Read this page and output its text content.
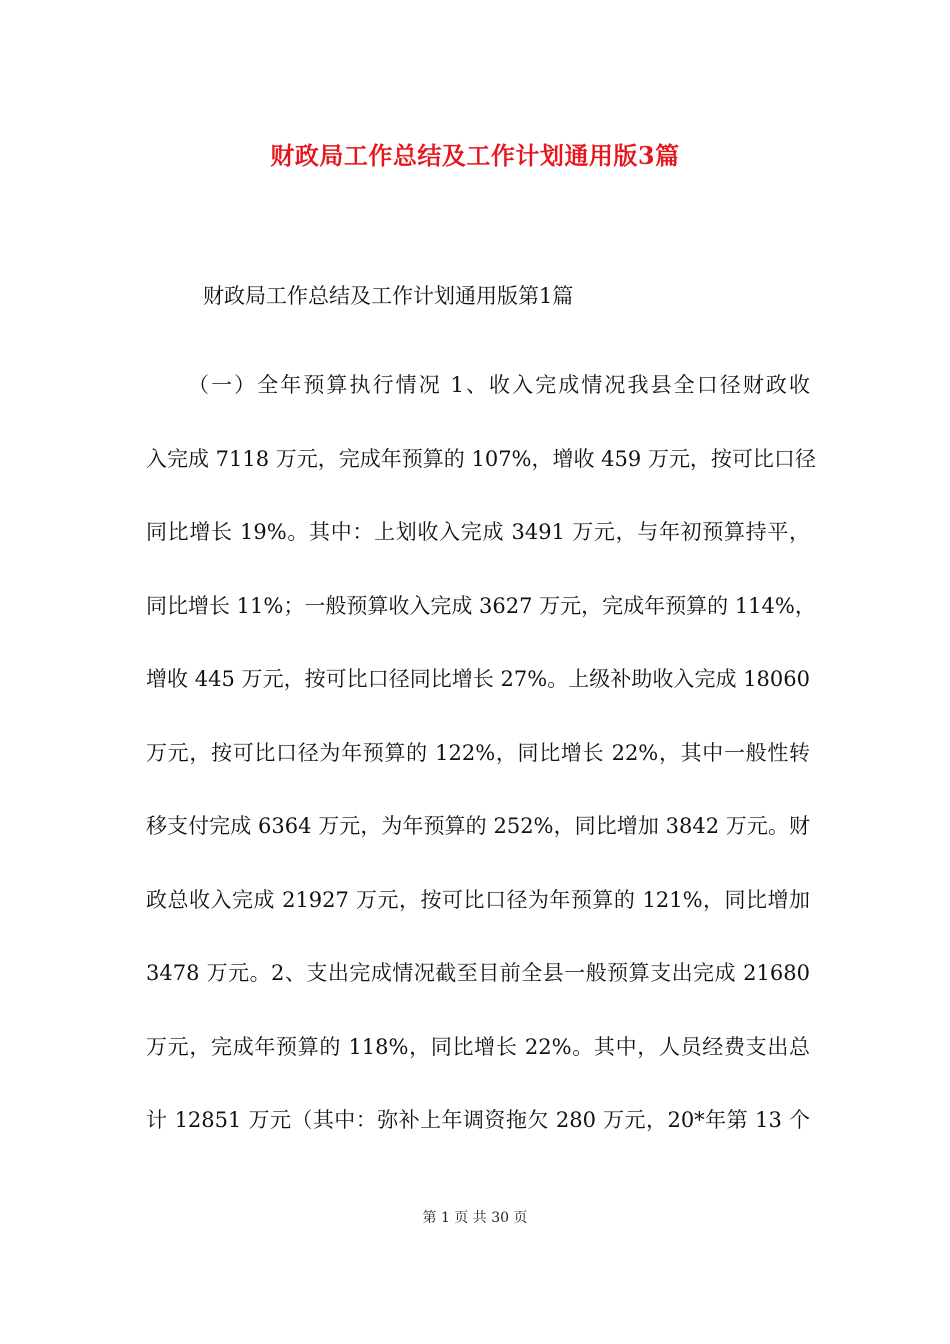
财政局工作总结及工作计划通用版3篇
财政局工作总结及工作计划通用版第1篇
（一）全年预算执行情况 1、收入完成情况我县全口径财政收
入完成 7118 万元，完成年预算的 107%，增收 459 万元，按可比口径
同比增长 19%。其中：上划收入完成 3491 万元，与年初预算持平，
同比增长 11%；一般预算收入完成 3627 万元，完成年预算的 114%，
增收 445 万元，按可比口径同比增长 27%。上级补助收入完成 18060
万元，按可比口径为年预算的 122%，同比增长 22%，其中一般性转
移支付完成 6364 万元，为年预算的 252%，同比增加 3842 万元。财
政总收入完成 21927 万元，按可比口径为年预算的 121%，同比增加
3478 万元。2、支出完成情况截至目前全县一般预算支出完成 21680
万元，完成年预算的 118%，同比增长 22%。其中，人员经费支出总
计 12851 万元（其中：弥补上年调资拖欠 280 万元，20*年第 13 个
第 1 页 共 30 页
